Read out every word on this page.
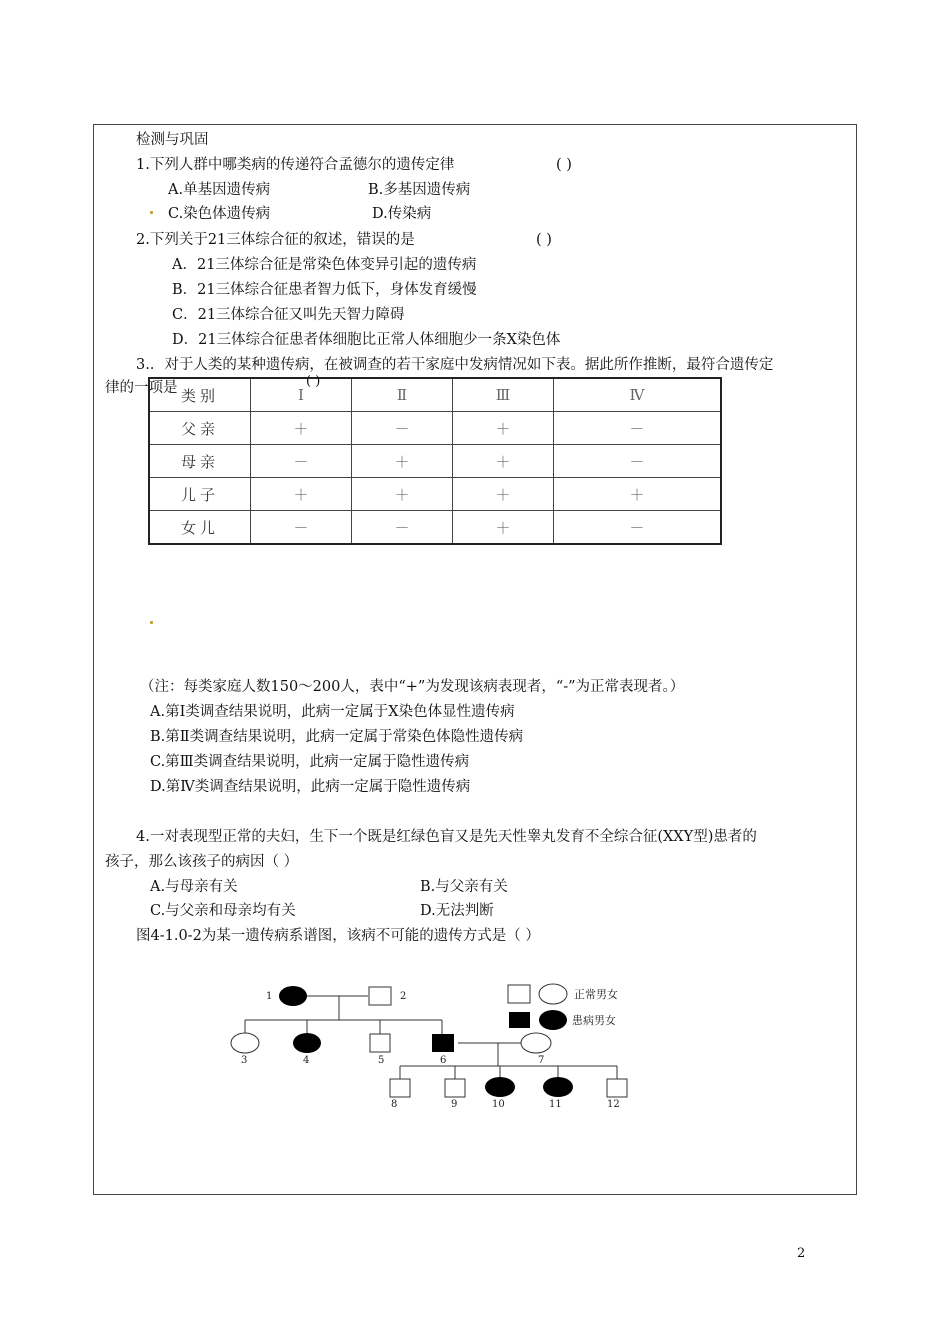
检测与巩固
1.下列人群中哪类病的传递符合孟德尔的遗传定律	( )
A.单基因遗传病	B.多基因遗传病
C.染色体遗传病	D.传染病
2.下列关于21三体综合征的叙述，错误的是	( )
A．21三体综合征是常染色体变异引起的遗传病
B．21三体综合征患者智力低下，身体发育缓慢
C．21三体综合征又叫先天智力障碍
D．21三体综合征患者体细胞比正常人体细胞少一条X染色体
3.．对于人类的某种遗传病，在被调查的若干家庭中发病情况如下表。据此所作推断，最符合遗传定
律的一项是 类别	Ⅰ	Ⅱ	Ⅲ	Ⅳ
父亲	＋	－	＋	－
母亲	－	＋	＋	－
儿子	＋	＋	＋	＋
女儿	－	－	＋	－
( )
（注：每类家庭人数150～200人，表中“+”为发现该病表现者，“-”为正常表现者。）
A.第Ⅰ类调查结果说明，此病一定属于X染色体显性遗传病
B.第Ⅱ类调查结果说明，此病一定属于常染色体隐性遗传病
C.第Ⅲ类调查结果说明，此病一定属于隐性遗传病
D.第Ⅳ类调查结果说明，此病一定属于隐性遗传病
4.一对表现型正常的夫妇，生下一个既是红绿色盲又是先天性睾丸发育不全综合征(XXY型)患者的
孩子，那么该孩子的病因（ ）
A.与母亲有关	B.与父亲有关
C.与父亲和母亲均有关	D.无法判断
图4-1.0-2为某一遗传病系谱图，该病不可能的遗传方式是（ ）
正常男女
患病男女
1	2
3	4	5	6	7
8	9	10	11	12
2
